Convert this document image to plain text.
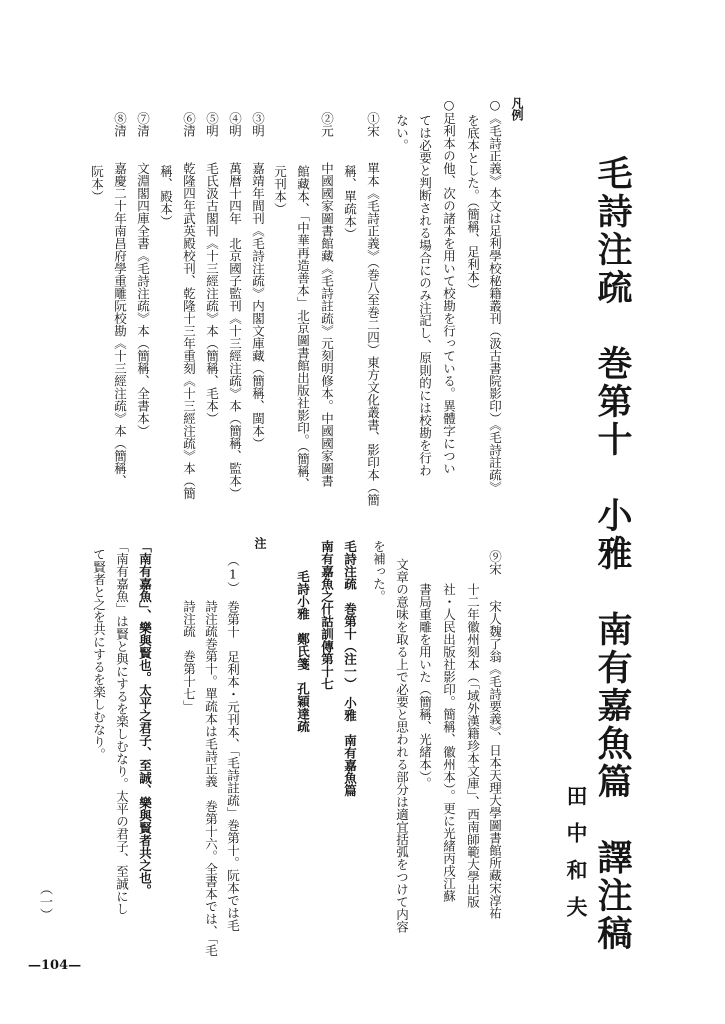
毛詩注疏　巻第十　小雅　南有嘉魚篇　譯注稿
田中和夫
凡例
○《毛詩正義》本文は足利學校秘籍叢刊（汲古書院影印）《毛詩註疏》
を底本とした。（簡稱、足利本）
○足利本の他、次の諸本を用いて校勘を行っている。異體字につい
ては必要と判断される場合にのみ注記し、原則的には校勘を行わ
ない。
①宋　　單本《毛詩正義》（巻八至巻二四）東方文化叢書、影印本（簡
稱、單疏本）
②元　　中國國家圖書館藏《毛詩註疏》元刻明修本。中國國家圖書
館藏本、「中華再造善本」北京圖書館出版社影印。（簡稱、
元刊本）
③明　　嘉靖年間刊《毛詩注疏》内閣文庫藏（簡稱、閩本）
④明　　萬暦十四年　北京國子監刊《十三經注疏》本（簡稱、監本）
⑤明　　毛氏汲古閣刊《十三經注疏》本（簡稱、毛本）
⑥清　　乾隆四年武英殿校刊、乾隆十三年重刻《十三經注疏》本（簡
稱、殿本）
⑦清　　文淵閣四庫全書《毛詩注疏》本（簡稱、全書本）
⑧清　　嘉慶二十年南昌府學重雕阮校勘《十三經注疏》本（簡稱、
阮本）
⑨宋　　宋人魏了翁《毛詩要義》、日本天理大學圖書館所藏宋淳祐
十二年徽州刻本（「域外漢籍珍本文庫」、西南師範大學出版
社・人民出版社影印。簡稱、徽州本）。更に光緒丙戌江蘇
書局重雕を用いた（簡稱、光緒本）。
文章の意味を取る上で必要と思われる部分は適宜括弧をつけて内容
を補った。
毛詩注疏　巻第十（注一）　小雅　南有嘉魚篇
南有嘉魚之什詁訓傳第十七
毛詩小雅　鄭氏箋　孔穎達疏
注
（1）　巻第十　足利本・元刊本、「毛詩註疏」巻第十。阮本では毛
詩注疏巻第十。單疏本は毛詩正義　巻第十六。全書本では、「毛
詩注疏　巻第十七」
「南有嘉魚」、樂與賢也。太平之君子、至誠、樂與賢者共之也。
「南有嘉魚」は賢と與にするを楽しむなり。太平の君子、至誠にし
て賢者と之を共にするを楽しむなり。
（一）
—104—
